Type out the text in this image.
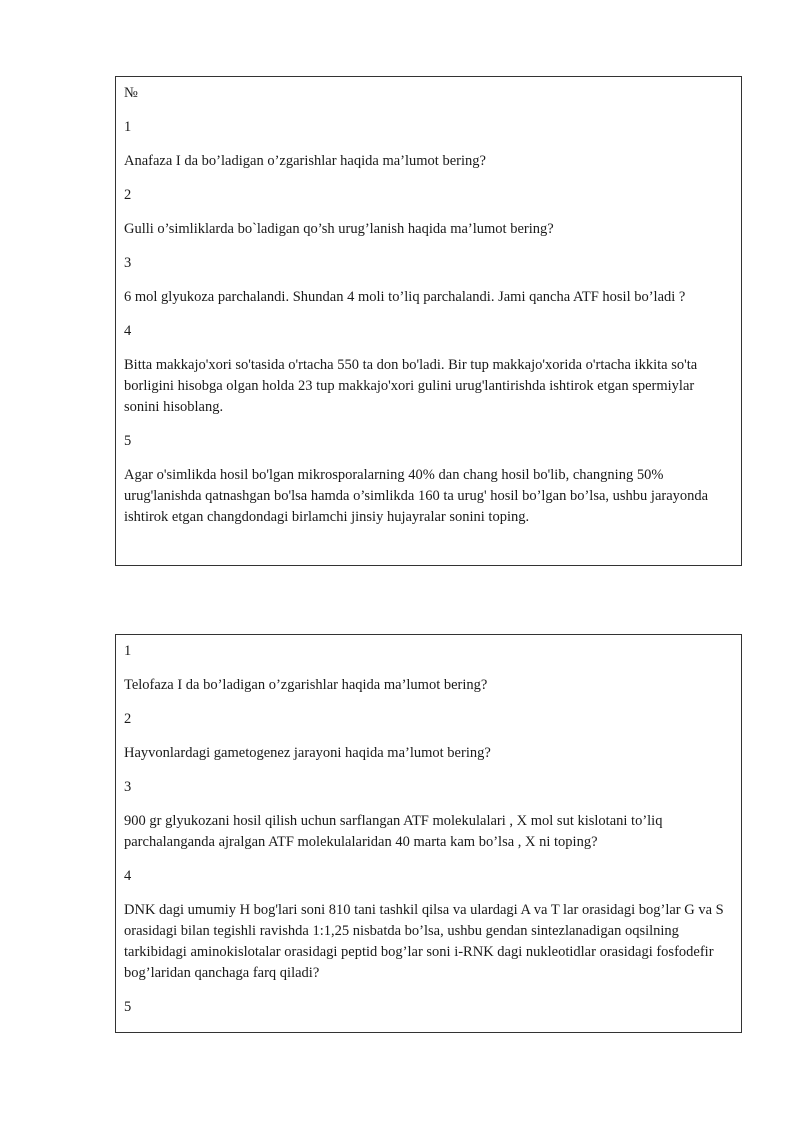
№
1
Anafaza I da bo’ladigan o’zgarishlar haqida ma’lumot bering?
2
Gulli o’simliklarda bo`ladigan qo’sh urug’lanish haqida ma’lumot bering?
3
6 mol glyukoza parchalandi. Shundan 4 moli to’liq parchalandi. Jami qancha ATF hosil bo’ladi ?
4
Bitta makkajo'xori so'tasida o'rtacha 550 ta don bo'ladi. Bir tup makkajo'xorida o'rtacha ikkita so'ta borligini hisobga olgan holda 23 tup makkajo'xori gulini urug'lantirishda ishtirok etgan spermiylar sonini hisoblang.
5
Agar o'simlikda hosil bo'lgan mikrosporalarning 40% dan chang hosil bo'lib, changning 50% urug'lanishda qatnashgan bo'lsa hamda o’simlikda 160 ta urug' hosil bo’lgan bo’lsa, ushbu jarayonda ishtirok etgan changdondagi birlamchi jinsiy hujayralar sonini toping.
1
Telofaza I da bo’ladigan o’zgarishlar haqida ma’lumot bering?
2
Hayvonlardagi gametogenez jarayoni haqida ma’lumot bering?
3
900 gr glyukozani hosil qilish uchun sarflangan ATF molekulalari , X mol sut kislotani to’liq parchalanganda ajralgan ATF molekulalaridan 40 marta kam bo’lsa , X ni toping?
4
DNK dagi umumiy H bog'lari soni 810 tani tashkil qilsa va ulardagi A va T lar orasidagi bog’lar G va S orasidagi bilan tegishli ravishda 1:1,25 nisbatda bo’lsa, ushbu gendan sintezlanadigan oqsilning tarkibidagi aminokislotalar orasidagi peptid bog’lar soni i-RNK dagi nukleotidlar orasidagi fosfodefir bog’laridan qanchaga farq qiladi?
5
